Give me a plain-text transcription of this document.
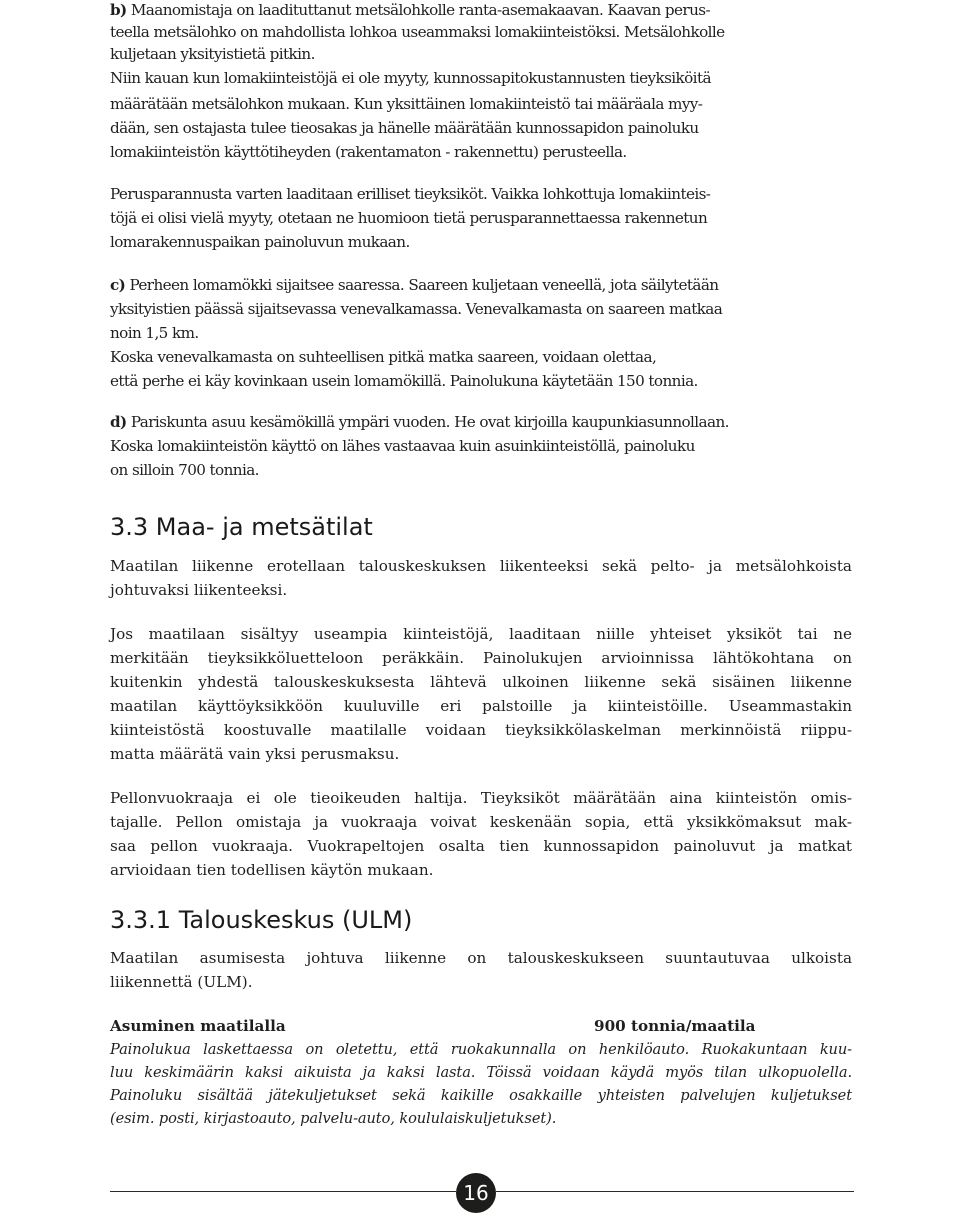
b) Maanomistaja on laadituttanut metsälohkolle ranta-asemakaavan. Kaavan perus-
teella metsälohko on mahdollista lohkoa useammaksi lomakiinteistöksi. Metsälohkolle
kuljetaan yksityistietä pitkin.
Niin kauan kun lomakiinteistöjä ei ole myyty, kunnossapitokustannusten tieyksiköitä
määrätään metsälohkon mukaan. Kun yksittäinen lomakiinteistö tai määräala myy-
dään, sen ostajasta tulee tieosakas ja hänelle määrätään kunnossapidon painoluku
lomakiinteistön käyttötiheyden (rakentamaton - rakennettu) perusteella.
Perusparannusta varten laaditaan erilliset tieyksiköt. Vaikka lohkottuja lomakiinteis-
töjä ei olisi vielä myyty, otetaan ne huomioon tietä perusparannettaessa rakennetun
lomarakennuspaikan painoluvun mukaan.
c) Perheen lomamökki sijaitsee saaressa. Saareen kuljetaan veneellä, jota säilytetään
yksityistien päässä sijaitsevassa venevalkamassa. Venevalkamasta on saareen matkaa
noin 1,5 km.
Koska venevalkamasta on suhteellisen pitkä matka saareen, voidaan olettaa,
että perhe ei käy kovinkaan usein lomamökillä. Painolukuna käytetään 150 tonnia.
d) Pariskunta asuu kesämökillä ympäri vuoden. He ovat kirjoilla kaupunkiasunnollaan.
Koska lomakiinteistön käyttö on lähes vastaavaa kuin asuinkiinteistöllä, painoluku
on silloin 700 tonnia.
3.3 Maa- ja metsätilat
Maatilan liikenne erotellaan talouskeskuksen liikenteeksi sekä pelto- ja metsälohkoista
johtuvaksi liikenteeksi.
Jos maatilaan sisältyy useampia kiinteistöjä, laaditaan niille yhteiset yksiköt tai ne
merkitään tieyksikköluetteloon peräkkäin. Painolukujen arvioinnissa lähtökohtana on
kuitenkin yhdestä talouskeskuksesta lähtevä ulkoinen liikenne sekä sisäinen liikenne
maatilan käyttöyksikköön kuuluville eri palstoille ja kiinteistöille. Useammastakin
kiinteistöstä koostuvalle maatilalle voidaan tieyksikkölaskelman merkinnöistä riippu-
matta määrätä vain yksi perusmaksu.
Pellonvuokraaja ei ole tieoikeuden haltija. Tieyksiköt määrätään aina kiinteistön omis-
tajalle. Pellon omistaja ja vuokraaja voivat keskenään sopia, että yksikkömaksut mak-
saa pellon vuokraaja. Vuokrapeltojen osalta tien kunnossapidon painoluvut ja matkat
arvioidaan tien todellisen käytön mukaan.
3.3.1 Talouskeskus (ULM)
Maatilan asumisesta johtuva liikenne on talouskeskukseen suuntautuvaa ulkoista
liikennettä (ULM).
Asuminen maatilalla	900 tonnia/maatila
Painolukua laskettaessa on oletettu, että ruokakunnalla on henkilöauto. Ruokakuntaan kuu-
luu keskimäärin kaksi aikuista ja kaksi lasta. Töissä voidaan käydä myös tilan ulkopuolella.
Painoluku sisältää jätekuljetukset sekä kaikille osakkaille yhteisten palvelujen kuljetukset
(esim. posti, kirjastoauto, palvelu-auto, koululaiskuljetukset).
16
